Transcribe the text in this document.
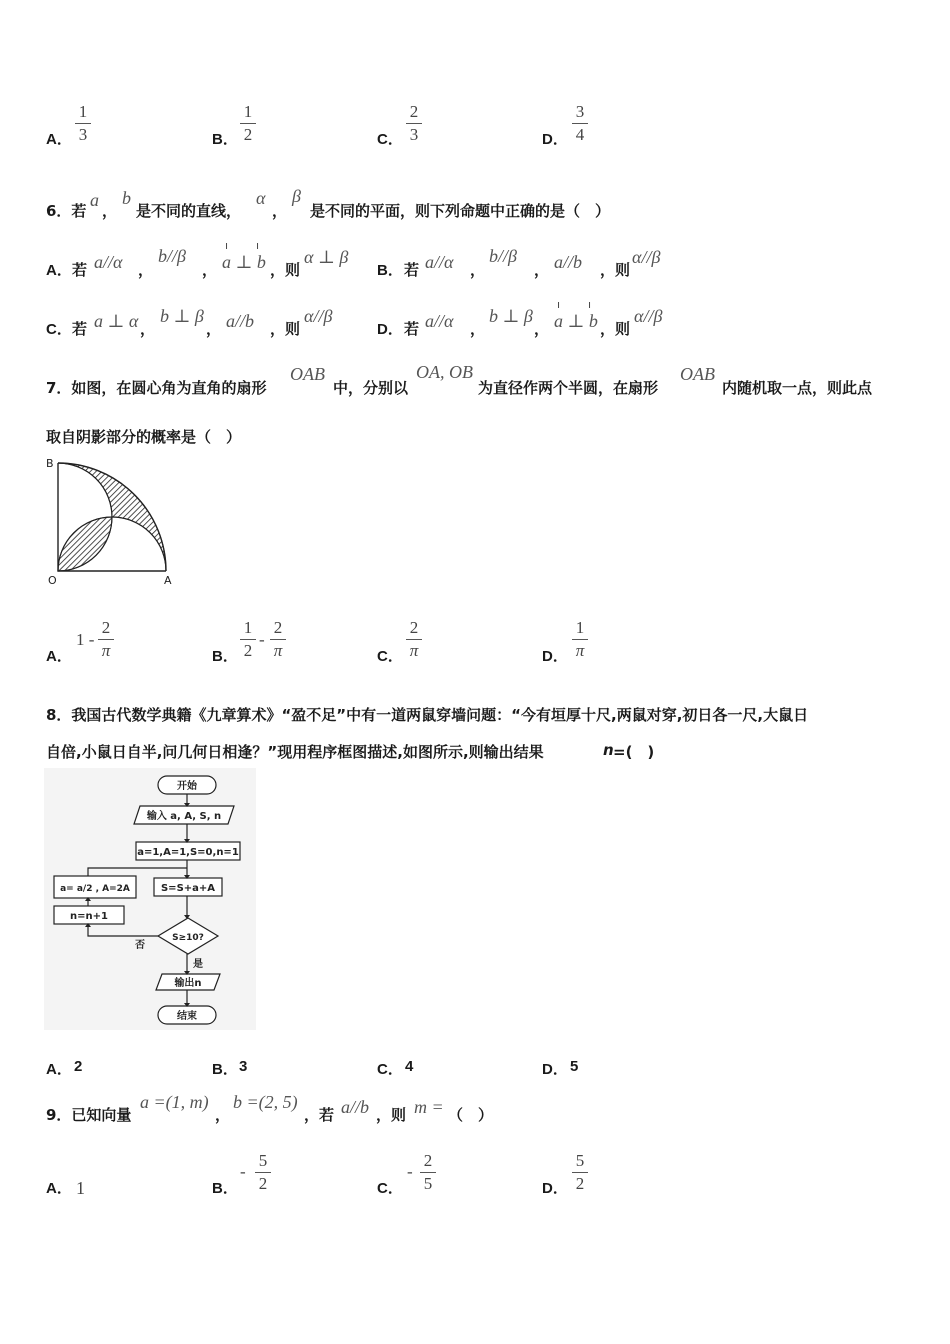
A．
1
3	B．
1
2	C．
2
3	D．
3
4
6．若
a
，
b
是不同的直线，
α
，
β
是不同的平面，则下列命题中正确的是（　）
A． 若 a//α ，
b//β
，
ı	ı
a ⊥ b ，则
α ⊥ β
B． 若 a//α ，
b//β
， a//b ，则
α//β
C． 若 a ⊥ α ，
b ⊥ β
， a//b ，则
α//β
D． 若 a//α ，
b ⊥ β
，
ı	ı
a ⊥ b ，则
α//β
7．如图，在圆心角为直角的扇形
OAB
中，分别以
OA, OB
为直径作两个半圆，在扇形
OAB
内随机取一点，则此点
取自阴影部分的概率是（　）
B
O	A
A．
1 -
2
π	B．
1
2
-
2
π	C．
2
π	D．
1
π
8．我国古代数学典籍《九章算术》“盈不足”中有一道两鼠穿墙问题：“今有垣厚十尺,两鼠对穿,初日各一尺,大鼠日
自倍,小鼠日自半,问几何日相逢？”现用程序框图描述,如图所示,则输出结果	n =(　)
开始
输入 a, A, S, n
a=1,A=1,S=0,n=1
a= a/2 , A=2A	S=S+a+A
n=n+1
S≥10?
否
是
输出n
结束
A． 2	B． 3	C． 4	D． 5
9．已知向量
a =(1, m)
，
b =(2, 5)
，若 a//b ，则 m = （　）
A． 1	B．
-
5
2	C．
-
2
5	D．
5
2
